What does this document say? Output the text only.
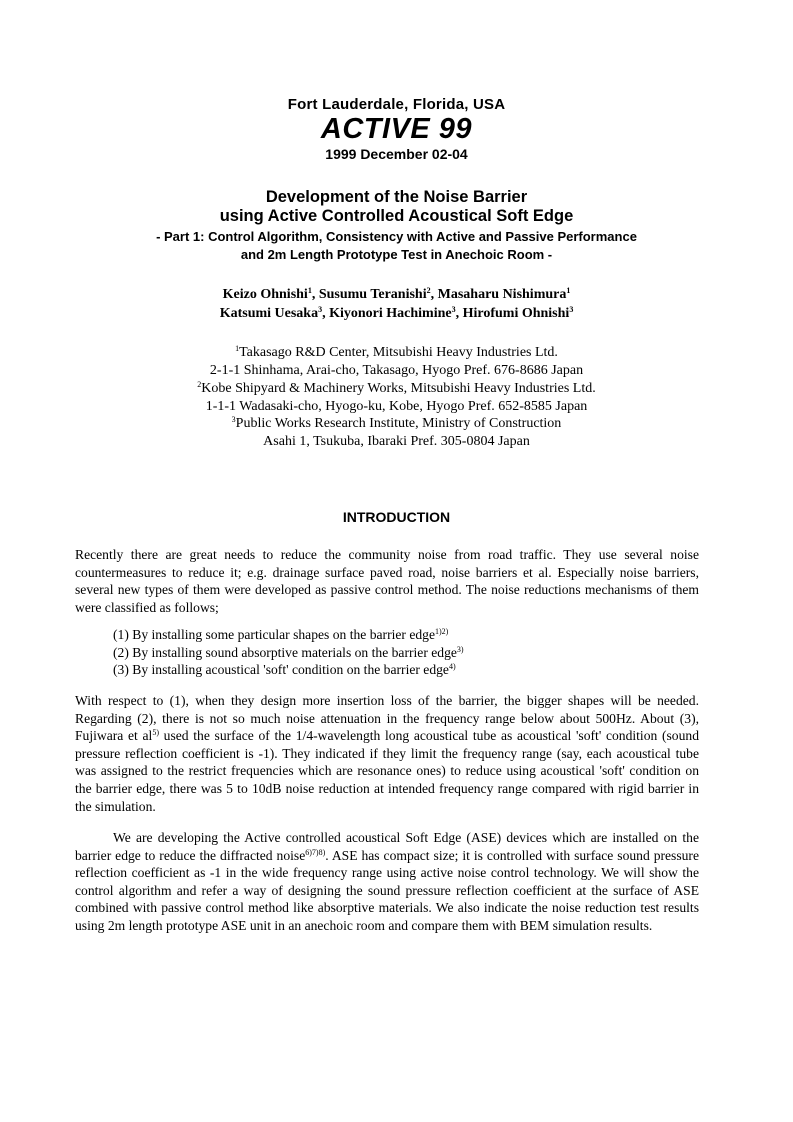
Fort Lauderdale, Florida, USA
ACTIVE 99
1999 December 02-04
Development of the Noise Barrier
using Active Controlled Acoustical Soft Edge
- Part 1: Control Algorithm, Consistency with Active and Passive Performance
and 2m Length Prototype Test in Anechoic Room -
Keizo Ohnishi$^1$, Susumu Teranishi$^2$, Masaharu Nishimura$^1$
Katsumi Uesaka$^3$, Kiyonori Hachimine$^3$, Hirofumi Ohnishi$^3$
$^1$Takasago R&D Center, Mitsubishi Heavy Industries Ltd.
2-1-1 Shinhama, Arai-cho, Takasago, Hyogo Pref. 676-8686 Japan
$^2$Kobe Shipyard & Machinery Works, Mitsubishi Heavy Industries Ltd.
1-1-1 Wadasaki-cho, Hyogo-ku, Kobe, Hyogo Pref. 652-8585 Japan
$^3$Public Works Research Institute, Ministry of Construction
Asahi 1, Tsukuba, Ibaraki Pref. 305-0804 Japan
INTRODUCTION
Recently there are great needs to reduce the community noise from road traffic. They use several noise countermeasures to reduce it; e.g. drainage surface paved road, noise barriers et al. Especially noise barriers, several new types of them were developed as passive control method. The noise reductions mechanisms of them were classified as follows;
(1) By installing some particular shapes on the barrier edge$^{1)2)}$
(2) By installing sound absorptive materials on the barrier edge$^{3)}$
(3) By installing acoustical 'soft' condition on the barrier edge$^{4)}$
With respect to (1), when they design more insertion loss of the barrier, the bigger shapes will be needed. Regarding (2), there is not so much noise attenuation in the frequency range below about 500Hz. About (3), Fujiwara et $al^{5)}$ used the surface of the 1/4-wavelength long acoustical tube as acoustical 'soft' condition (sound pressure reflection coefficient is -1). They indicated if they limit the frequency range (say, each acoustical tube was assigned to the restrict frequencies which are resonance ones) to reduce using acoustical 'soft' condition on the barrier edge, there was 5 to 10dB noise reduction at intended frequency range compared with rigid barrier in the simulation.
We are developing the Active controlled acoustical Soft Edge (ASE) devices which are installed on the barrier edge to reduce the diffracted noise$^{6)7)8)}$. ASE has compact size; it is controlled with surface sound pressure reflection coefficient as -1 in the wide frequency range using active noise control technology. We will show the control algorithm and refer a way of designing the sound pressure reflection coefficient at the surface of ASE combined with passive control method like absorptive materials. We also indicate the noise reduction test results using 2m length prototype ASE unit in an anechoic room and compare them with BEM simulation results.
